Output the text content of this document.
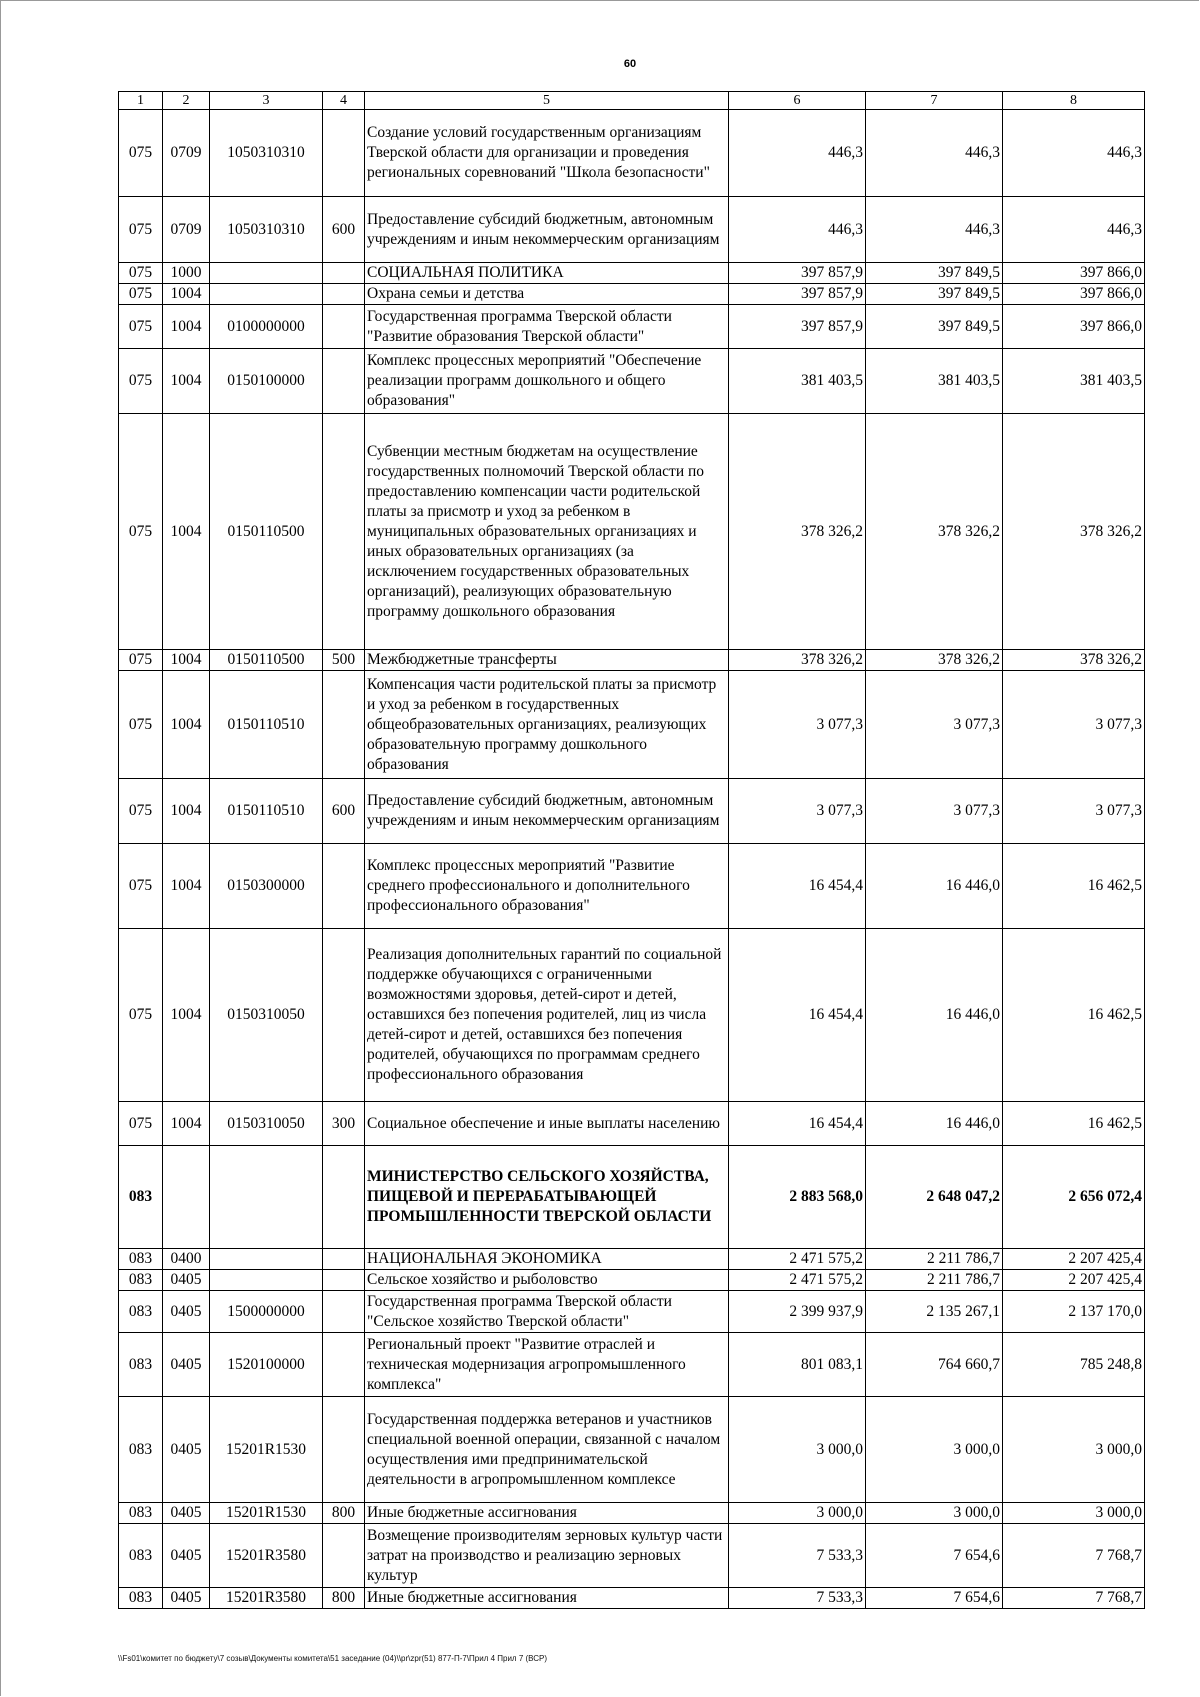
60
1	2	3	4	5	6	7	8
075	0709	1050310310		Создание условий государственным организациям Тверской области для организации и проведения региональных соревнований "Школа безопасности"	446,3	446,3	446,3
075	0709	1050310310	600	Предоставление субсидий бюджетным, автономным учреждениям и иным некоммерческим организациям	446,3	446,3	446,3
075	1000			СОЦИАЛЬНАЯ ПОЛИТИКА	397 857,9	397 849,5	397 866,0
075	1004			Охрана семьи и детства	397 857,9	397 849,5	397 866,0
075	1004	0100000000		Государственная программа Тверской области "Развитие образования Тверской области"	397 857,9	397 849,5	397 866,0
075	1004	0150100000		Комплекс процессных мероприятий "Обеспечение реализации программ дошкольного и общего образования"	381 403,5	381 403,5	381 403,5
075	1004	0150110500		Субвенции местным бюджетам на осуществление государственных полномочий Тверской области по предоставлению компенсации части родительской платы за присмотр и уход за ребенком в муниципальных образовательных организациях и иных образовательных организациях (за исключением государственных образовательных организаций), реализующих образовательную программу дошкольного образования	378 326,2	378 326,2	378 326,2
075	1004	0150110500	500	Межбюджетные трансферты	378 326,2	378 326,2	378 326,2
075	1004	0150110510		Компенсация части родительской платы за присмотр и уход за ребенком в государственных общеобразовательных организациях, реализующих образовательную программу дошкольного образования	3 077,3	3 077,3	3 077,3
075	1004	0150110510	600	Предоставление субсидий бюджетным, автономным учреждениям и иным некоммерческим организациям	3 077,3	3 077,3	3 077,3
075	1004	0150300000		Комплекс процессных мероприятий "Развитие среднего профессионального и дополнительного профессионального образования"	16 454,4	16 446,0	16 462,5
075	1004	0150310050		Реализация дополнительных гарантий по социальной поддержке обучающихся с ограниченными возможностями здоровья, детей-сирот и детей, оставшихся без попечения родителей, лиц из числа детей-сирот и детей, оставшихся без попечения родителей, обучающихся по программам среднего профессионального образования	16 454,4	16 446,0	16 462,5
075	1004	0150310050	300	Социальное обеспечение и иные выплаты населению	16 454,4	16 446,0	16 462,5
083				МИНИСТЕРСТВО СЕЛЬСКОГО ХОЗЯЙСТВА, ПИЩЕВОЙ И ПЕРЕРАБАТЫВАЮЩЕЙ ПРОМЫШЛЕННОСТИ ТВЕРСКОЙ ОБЛАСТИ	2 883 568,0	2 648 047,2	2 656 072,4
083	0400			НАЦИОНАЛЬНАЯ ЭКОНОМИКА	2 471 575,2	2 211 786,7	2 207 425,4
083	0405			Сельское хозяйство и рыболовство	2 471 575,2	2 211 786,7	2 207 425,4
083	0405	1500000000		Государственная программа Тверской области "Сельское хозяйство Тверской области"	2 399 937,9	2 135 267,1	2 137 170,0
083	0405	1520100000		Региональный проект "Развитие отраслей и техническая модернизация агропромышленного комплекса"	801 083,1	764 660,7	785 248,8
083	0405	15201R1530		Государственная поддержка ветеранов и участников специальной военной операции, связанной с началом осуществления ими предпринимательской деятельности в агропромышленном комплексе	3 000,0	3 000,0	3 000,0
083	0405	15201R1530	800	Иные бюджетные ассигнования	3 000,0	3 000,0	3 000,0
083	0405	15201R3580		Возмещение производителям зерновых культур части затрат на производство и реализацию зерновых культур	7 533,3	7 654,6	7 768,7
083	0405	15201R3580	800	Иные бюджетные ассигнования	7 533,3	7 654,6	7 768,7
\\Fs01\комитет по бюджету\7 созыв\Документы комитета\51 заседание (04)\\pr\zpr(51) 877-П-7\Прил 4 Прил 7 (ВСР)
